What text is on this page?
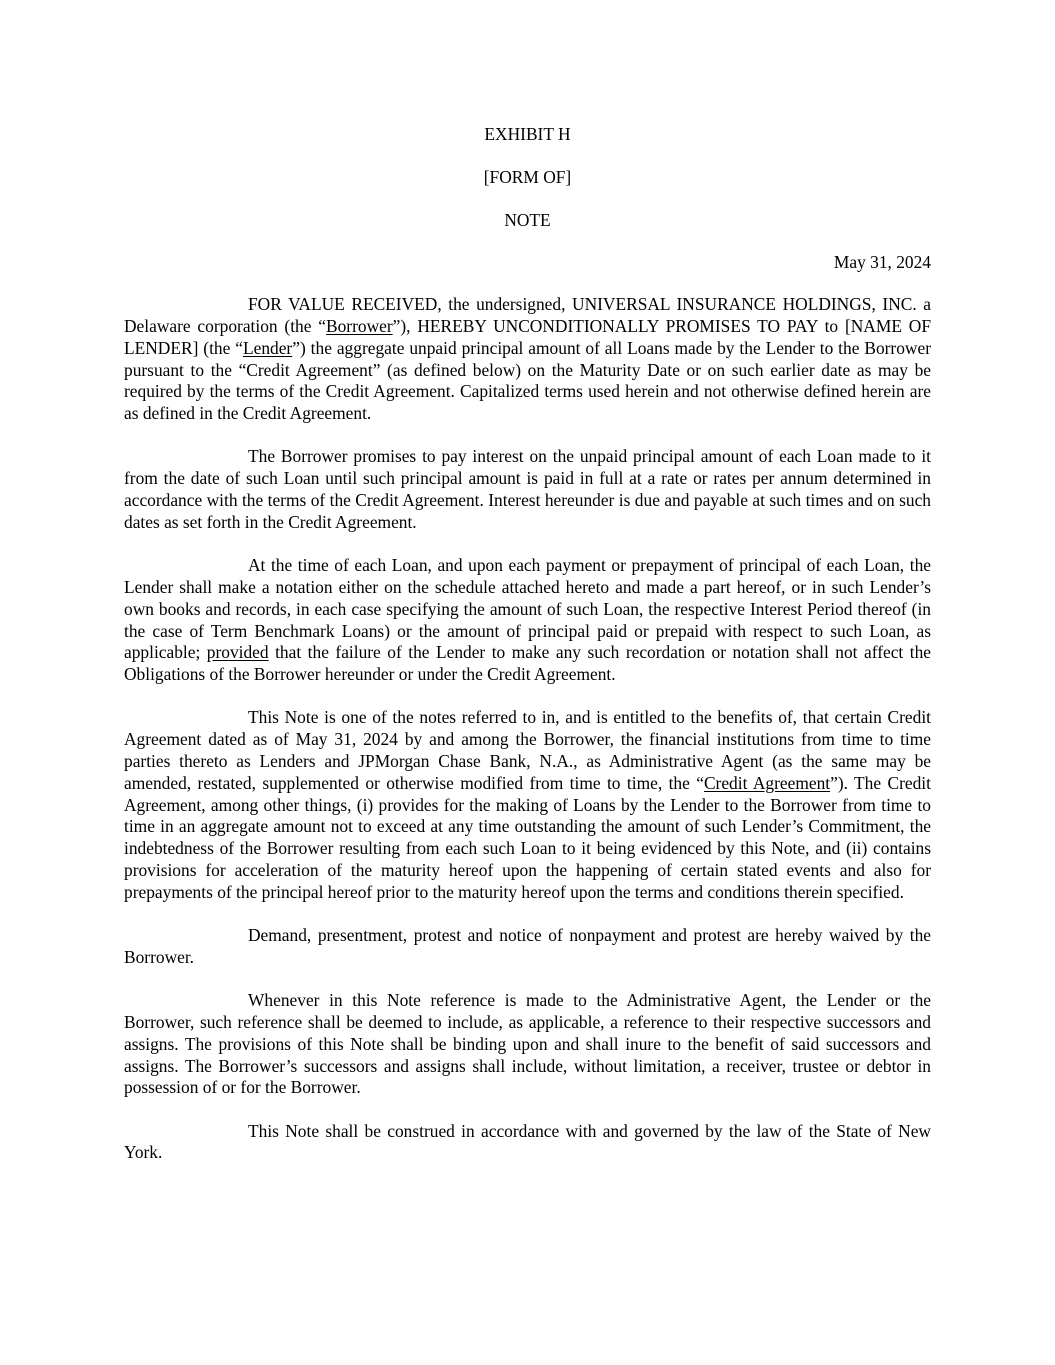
EXHIBIT H

[FORM OF]

NOTE

May 31, 2024

FOR VALUE RECEIVED, the undersigned, UNIVERSAL INSURANCE HOLDINGS, INC. a Delaware corporation (the “Borrower”), HEREBY UNCONDITIONALLY PROMISES TO PAY to [NAME OF LENDER] (the “Lender”) the aggregate unpaid principal amount of all Loans made by the Lender to the Borrower pursuant to the “Credit Agreement” (as defined below) on the Maturity Date or on such earlier date as may be required by the terms of the Credit Agreement. Capitalized terms used herein and not otherwise defined herein are as defined in the Credit Agreement.

The Borrower promises to pay interest on the unpaid principal amount of each Loan made to it from the date of such Loan until such principal amount is paid in full at a rate or rates per annum determined in accordance with the terms of the Credit Agreement. Interest hereunder is due and payable at such times and on such dates as set forth in the Credit Agreement.

At the time of each Loan, and upon each payment or prepayment of principal of each Loan, the Lender shall make a notation either on the schedule attached hereto and made a part hereof, or in such Lender’s own books and records, in each case specifying the amount of such Loan, the respective Interest Period thereof (in the case of Term Benchmark Loans) or the amount of principal paid or prepaid with respect to such Loan, as applicable; provided that the failure of the Lender to make any such recordation or notation shall not affect the Obligations of the Borrower hereunder or under the Credit Agreement.

This Note is one of the notes referred to in, and is entitled to the benefits of, that certain Credit Agreement dated as of May 31, 2024 by and among the Borrower, the financial institutions from time to time parties thereto as Lenders and JPMorgan Chase Bank, N.A., as Administrative Agent (as the same may be amended, restated, supplemented or otherwise modified from time to time, the “Credit Agreement”). The Credit Agreement, among other things, (i) provides for the making of Loans by the Lender to the Borrower from time to time in an aggregate amount not to exceed at any time outstanding the amount of such Lender’s Commitment, the indebtedness of the Borrower resulting from each such Loan to it being evidenced by this Note, and (ii) contains provisions for acceleration of the maturity hereof upon the happening of certain stated events and also for prepayments of the principal hereof prior to the maturity hereof upon the terms and conditions therein specified.

Demand, presentment, protest and notice of nonpayment and protest are hereby waived by the Borrower.

Whenever in this Note reference is made to the Administrative Agent, the Lender or the Borrower, such reference shall be deemed to include, as applicable, a reference to their respective successors and assigns. The provisions of this Note shall be binding upon and shall inure to the benefit of said successors and assigns. The Borrower’s successors and assigns shall include, without limitation, a receiver, trustee or debtor in possession of or for the Borrower.

This Note shall be construed in accordance with and governed by the law of the State of New York.
